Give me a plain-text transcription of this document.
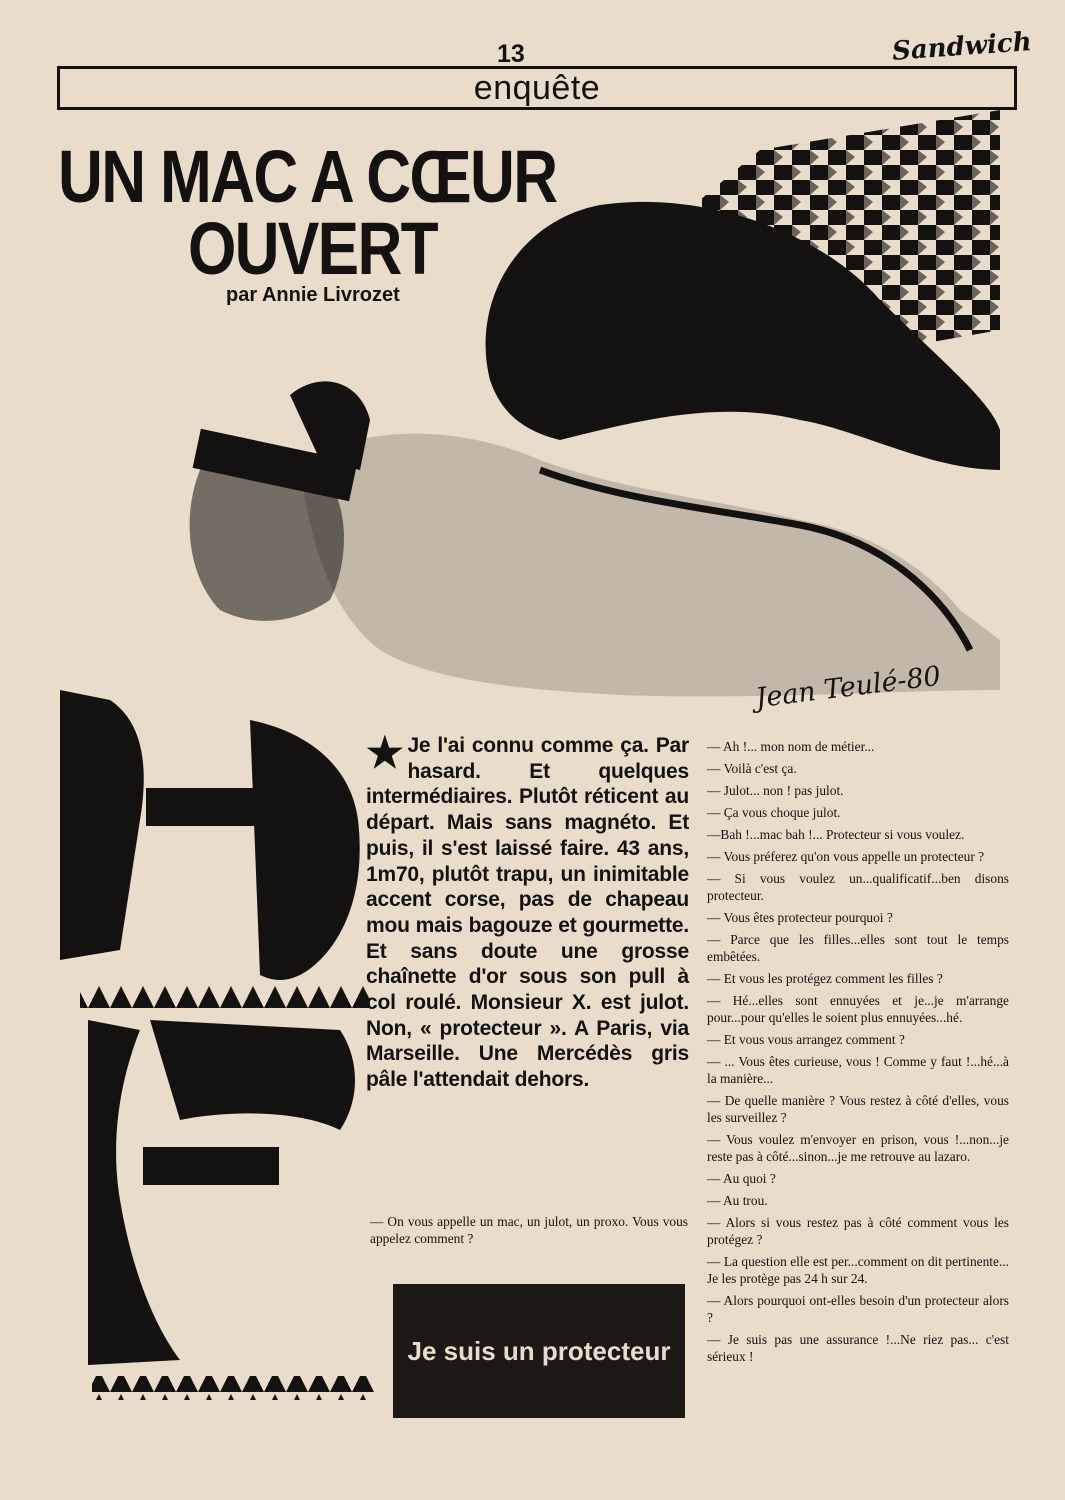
13	Sandwich
enquête
UN MAC A CŒUR
OUVERT
par Annie Livrozet
Jean Teulé-80

★ Je l'ai connu comme ça. Par hasard. Et quelques intermédiaires. Plutôt réticent au départ. Mais sans magnéto. Et puis, il s'est laissé faire. 43 ans, 1m70, plutôt trapu, un inimitable accent corse, pas de chapeau mou mais bagouze et gourmette. Et sans doute une grosse chaînette d'or sous son pull à col roulé. Monsieur X. est julot. Non, « protecteur ». A Paris, via Marseille. Une Mercédès gris pâle l'attendait dehors.

— On vous appelle un mac, un julot, un proxo. Vous vous appelez comment ?

Je suis un protecteur

— Ah !... mon nom de métier...

— Voilà c'est ça.

— Julot... non ! pas julot.

— Ça vous choque julot.

—Bah !...mac bah !... Protecteur si vous voulez.

— Vous préferez qu'on vous appelle un protecteur ?

— Si vous voulez un...qualificatif...ben disons protecteur.

— Vous êtes protecteur pourquoi ?

— Parce que les filles...elles sont tout le temps embêtées.

— Et vous les protégez comment les filles ?

— Hé...elles sont ennuyées et je...je m'arrange pour...pour qu'elles le soient plus ennuyées...hé.

— Et vous vous arrangez comment ?

— ... Vous êtes curieuse, vous ! Comme y faut !...hé...à la manière...

— De quelle manière ? Vous restez à côté d'elles, vous les surveillez ?

— Vous voulez m'envoyer en prison, vous !...non...je reste pas à côté...sinon...je me retrouve au lazaro.

— Au quoi ?

— Au trou.

— Alors si vous restez pas à côté comment vous les protégez ?

— La question elle est per...comment on dit pertinente... Je les protège pas 24 h sur 24.

— Alors pourquoi ont-elles besoin d'un protecteur alors ?

— Je suis pas une assurance !...Ne riez pas... c'est sérieux !
